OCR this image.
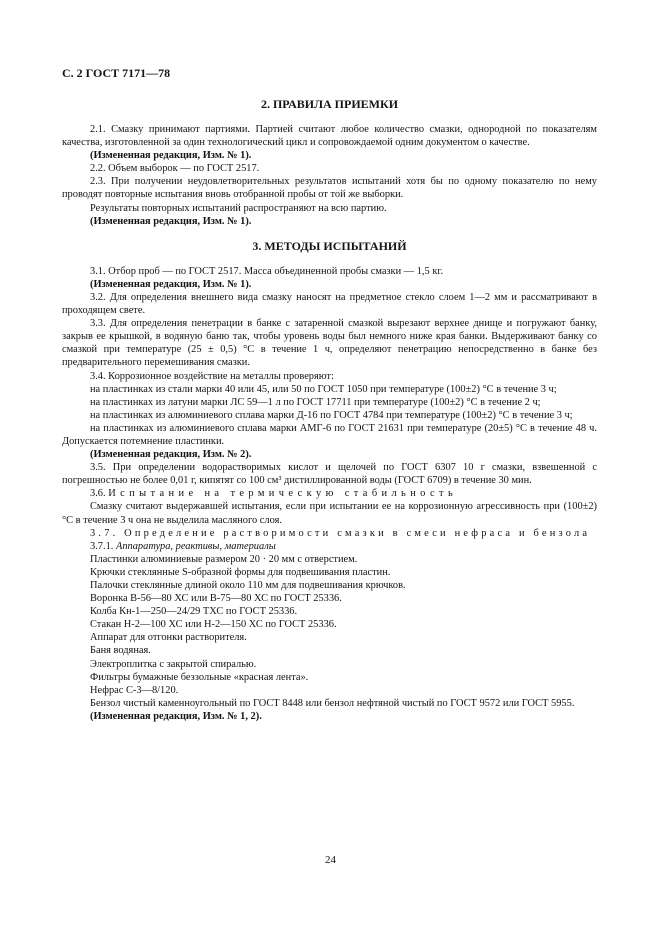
С. 2 ГОСТ 7171—78
2. ПРАВИЛА ПРИЕМКИ

2.1. Смазку принимают партиями. Партией считают любое количество смазки, однородной по показателям качества, изготовленной за один технологический цикл и сопровождаемой одним документом о качестве.

(Измененная редакция, Изм. № 1).

2.2. Объем выборок — по ГОСТ 2517.

2.3. При получении неудовлетворительных результатов испытаний хотя бы по одному показателю по нему проводят повторные испытания вновь отобранной пробы от той же выборки.

Результаты повторных испытаний распространяют на всю партию.

(Измененная редакция, Изм. № 1).

3. МЕТОДЫ ИСПЫТАНИЙ

3.1. Отбор проб — по ГОСТ 2517. Масса объединенной пробы смазки — 1,5 кг.

(Измененная редакция, Изм. № 1).

3.2. Для определения внешнего вида смазку наносят на предметное стекло слоем 1—2 мм и рассматривают в проходящем свете.

3.3. Для определения пенетрации в банке с затаренной смазкой вырезают верхнее днище и погружают банку, закрыв ее крышкой, в водяную баню так, чтобы уровень воды был немного ниже края банки. Выдерживают банку со смазкой при температуре (25 ± 0,5) °С в течение 1 ч, определяют пенетрацию непосредственно в банке без предварительного перемешивания смазки.

3.4. Коррозионное воздействие на металлы проверяют:

на пластинках из стали марки 40 или 45, или 50 по ГОСТ 1050 при температуре (100±2) °С в течение 3 ч;

на пластинках из латуни марки ЛС 59—1 л по ГОСТ 17711 при температуре (100±2) °С в течение 2 ч;

на пластинках из алюминиевого сплава марки Д-16 по ГОСТ 4784 при температуре (100±2) °С в течение 3 ч;

на пластинках из алюминиевого сплава марки АМГ-6 по ГОСТ 21631 при температуре (20±5) °С в течение 48 ч. Допускается потемнение пластинки.

(Измененная редакция, Изм. № 2).

3.5. При определении водорастворимых кислот и щелочей по ГОСТ 6307 10 г смазки, взвешенной с погрешностью не более 0,01 г, кипятят со 100 см³ дистиллированной воды (ГОСТ 6709) в течение 30 мин.

3.6. Испытание на термическую стабильность

Смазку считают выдержавшей испытания, если при испытании ее на коррозионную агрессивность при (100±2) °С в течение 3 ч она не выделила масляного слоя.

3.7. Определение растворимости смазки в смеси нефраса и бензола

3.7.1. Аппаратура, реактивы, материалы

Пластинки алюминиевые размером 20 · 20 мм с отверстием.

Крючки стеклянные S-образной формы для подвешивания пластин.

Палочки стеклянные длиной около 110 мм для подвешивания крючков.

Воронка В-56—80 ХС или В-75—80 ХС по ГОСТ 25336.

Колба Кн-1—250—24/29 ТХС по ГОСТ 25336.

Стакан Н-2—100 ХС или Н-2—150 ХС по ГОСТ 25336.

Аппарат для отгонки растворителя.

Баня водяная.

Электроплитка с закрытой спиралью.

Фильтры бумажные беззольные «красная лента».

Нефрас С-3—8/120.

Бензол чистый каменноугольный по ГОСТ 8448 или бензол нефтяной чистый по ГОСТ 9572 или ГОСТ 5955.

(Измененная редакция, Изм. № 1, 2).

24
